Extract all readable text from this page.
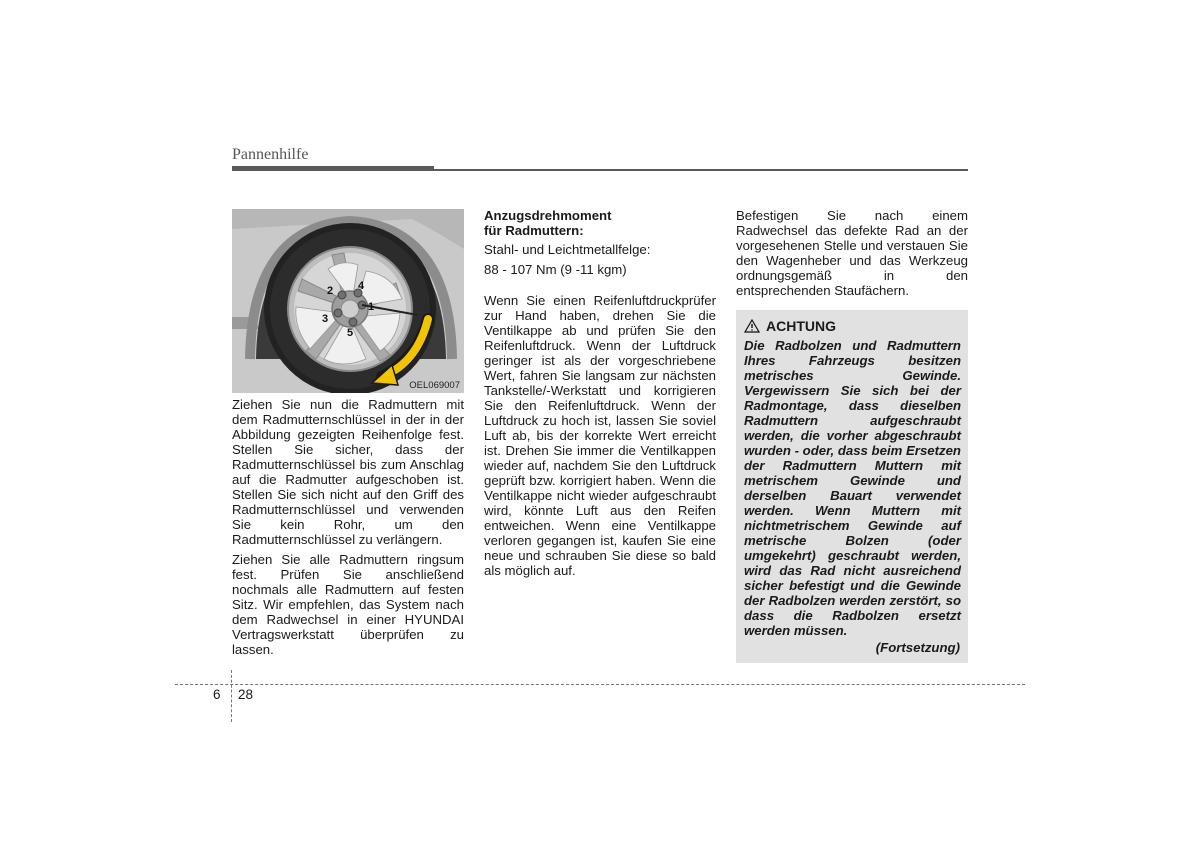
Pannenhilfe
1
2
3
4
5
OEL069007

Ziehen Sie nun die Radmuttern mit dem Radmutternschlüssel in der in der Abbildung gezeigten Reihenfolge fest. Stellen Sie sicher, dass der Radmutternschlüssel bis zum Anschlag auf die Radmutter aufgeschoben ist. Stellen Sie sich nicht auf den Griff des Radmutternschlüssel und verwenden Sie kein Rohr, um den Radmutternschlüssel zu verlängern.

Ziehen Sie alle Radmuttern ringsum fest. Prüfen Sie anschließend nochmals alle Radmuttern auf festen Sitz. Wir empfehlen, das System nach dem Radwechsel in einer HYUNDAI Vertragswerkstatt überprüfen zu lassen.

Anzugsdrehmoment
für Radmuttern:
Stahl- und Leichtmetallfelge:
88 - 107 Nm (9 -11 kgm)

Wenn Sie einen Reifenluftdruckprüfer zur Hand haben, drehen Sie die Ventilkappe ab und prüfen Sie den Reifenluftdruck. Wenn der Luftdruck geringer ist als der vorgeschriebene Wert, fahren Sie langsam zur nächsten Tankstelle/-Werkstatt und korrigieren Sie den Reifenluftdruck. Wenn der Luftdruck zu hoch ist, lassen Sie soviel Luft ab, bis der korrekte Wert erreicht ist. Drehen Sie immer die Ventilkappen wieder auf, nachdem Sie den Luftdruck geprüft bzw. korrigiert haben. Wenn die Ventilkappe nicht wieder aufgeschraubt wird, könnte Luft aus den Reifen entweichen. Wenn eine Ventilkappe verloren gegangen ist, kaufen Sie eine neue und schrauben Sie diese so bald als möglich auf.

Befestigen Sie nach einem Radwechsel das defekte Rad an der vorgesehenen Stelle und verstauen Sie den Wagenheber und das Werkzeug ordnungsgemäß in den entsprechenden Staufächern.

ACHTUNG
Die Radbolzen und Radmuttern Ihres Fahrzeugs besitzen metrisches Gewinde. Vergewissern Sie sich bei der Radmontage, dass dieselben Radmuttern aufgeschraubt werden, die vorher abgeschraubt wurden - oder, dass beim Ersetzen der Radmuttern Muttern mit metrischem Gewinde und derselben Bauart verwendet werden. Wenn Muttern mit nichtmetrischem Gewinde auf metrische Bolzen (oder umgekehrt) geschraubt werden, wird das Rad nicht ausreichend sicher befestigt und die Gewinde der Radbolzen werden zerstört, so dass die Radbolzen ersetzt werden müssen.
(Fortsetzung)
6 28
